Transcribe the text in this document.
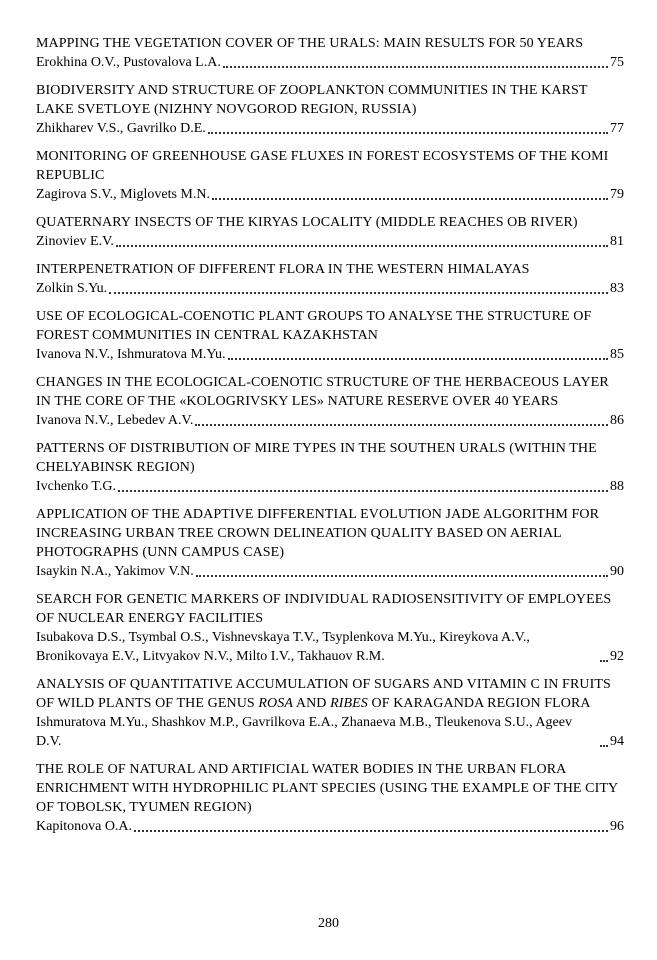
MAPPING THE VEGETATION COVER OF THE URALS: MAIN RESULTS FOR 50 YEARS

Erokhina O.V., Pustovalova L.A.	75

BIODIVERSITY AND STRUCTURE OF ZOOPLANKTON COMMUNITIES IN THE KARST LAKE SVETLOYE (NIZHNY NOVGOROD REGION, RUSSIA)

Zhikharev V.S., Gavrilko D.E.	77

MONITORING OF GREENHOUSE GASE FLUXES IN FOREST ECOSYSTEMS OF THE KOMI REPUBLIC

Zagirova S.V., Miglovets M.N.	79

QUATERNARY INSECTS OF THE KIRYAS LOCALITY (MIDDLE REACHES OB RIVER)

Zinoviev E.V.	81

INTERPENETRATION OF DIFFERENT FLORA IN THE WESTERN HIMALAYAS

Zolkin S.Yu.	83

USE OF ECOLOGICAL-COENOTIC PLANT GROUPS TO ANALYSE THE STRUCTURE OF FOREST COMMUNITIES IN CENTRAL KAZAKHSTAN

Ivanova N.V., Ishmuratova M.Yu.	85

CHANGES IN THE ECOLOGICAL-COENOTIC STRUCTURE OF THE HERBACEOUS LAYER IN THE CORE OF THE «KOLOGRIVSKY LES» NATURE RESERVE OVER 40 YEARS

Ivanova N.V., Lebedev A.V.	86

PATTERNS OF DISTRIBUTION OF MIRE TYPES IN THE SOUTHEN URALS (WITHIN THE CHELYABINSK REGION)

Ivchenko T.G.	88

APPLICATION OF THE ADAPTIVE DIFFERENTIAL EVOLUTION JADE ALGORITHM FOR INCREASING URBAN TREE CROWN DELINEATION QUALITY BASED ON AERIAL PHOTOGRAPHS (UNN CAMPUS CASE)

Isaykin N.A., Yakimov V.N.	90

SEARCH FOR GENETIC MARKERS OF INDIVIDUAL RADIOSENSITIVITY OF EMPLOYEES OF NUCLEAR ENERGY FACILITIES

Isubakova D.S., Tsymbal O.S., Vishnevskaya T.V., Tsyplenkova M.Yu., Kireykova A.V., Bronikovaya E.V., Litvyakov N.V., Milto I.V., Takhauov R.M.	92

ANALYSIS OF QUANTITATIVE ACCUMULATION OF SUGARS AND VITAMIN C IN FRUITS OF WILD PLANTS OF THE GENUS ROSA AND RIBES OF KARAGANDA REGION FLORA

Ishmuratova M.Yu., Shashkov M.P., Gavrilkova E.A., Zhanaeva M.B., Tleukenova S.U., Ageev D.V.	94

THE ROLE OF NATURAL AND ARTIFICIAL WATER BODIES IN THE URBAN FLORA ENRICHMENT WITH HYDROPHILIC PLANT SPECIES (USING THE EXAMPLE OF THE CITY OF TOBOLSK, TYUMEN REGION)

Kapitonova O.A.	96
280
